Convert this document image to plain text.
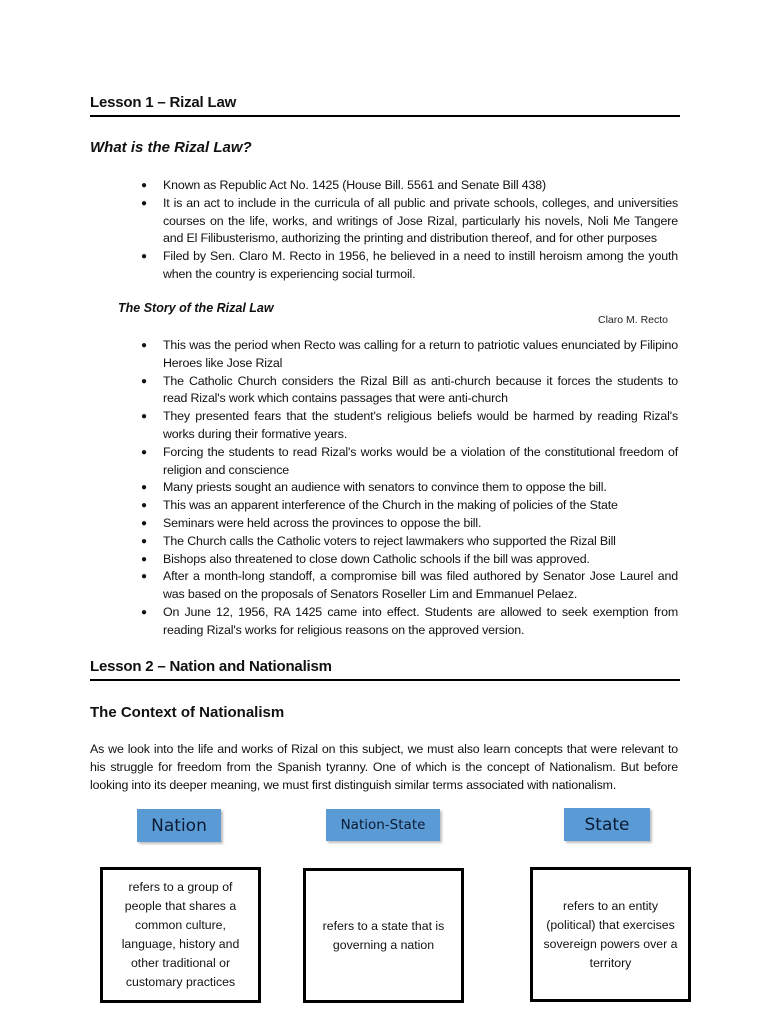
Lesson 1 – Rizal Law
What is the Rizal Law?
● Known as Republic Act No. 1425 (House Bill. 5561 and Senate Bill 438)
● It is an act to include in the curricula of all public and private schools, colleges, and universities courses on the life, works, and writings of Jose Rizal, particularly his novels, Noli Me Tangere and El Filibusterismo, authorizing the printing and distribution thereof, and for other purposes
● Filed by Sen. Claro M. Recto in 1956, he believed in a need to instill heroism among the youth when the country is experiencing social turmoil.
The Story of the Rizal Law
Claro M. Recto
● This was the period when Recto was calling for a return to patriotic values enunciated by Filipino Heroes like Jose Rizal
● The Catholic Church considers the Rizal Bill as anti-church because it forces the students to read Rizal's work which contains passages that were anti-church
● They presented fears that the student's religious beliefs would be harmed by reading Rizal's works during their formative years.
● Forcing the students to read Rizal's works would be a violation of the constitutional freedom of religion and conscience
● Many priests sought an audience with senators to convince them to oppose the bill.
● This was an apparent interference of the Church in the making of policies of the State
● Seminars were held across the provinces to oppose the bill.
● The Church calls the Catholic voters to reject lawmakers who supported the Rizal Bill
● Bishops also threatened to close down Catholic schools if the bill was approved.
● After a month-long standoff, a compromise bill was filed authored by Senator Jose Laurel and was based on the proposals of Senators Roseller Lim and Emmanuel Pelaez.
● On June 12, 1956, RA 1425 came into effect. Students are allowed to seek exemption from reading Rizal's works for religious reasons on the approved version.
Lesson 2 – Nation and Nationalism
The Context of Nationalism
As we look into the life and works of Rizal on this subject, we must also learn concepts that were relevant to his struggle for freedom from the Spanish tyranny. One of which is the concept of Nationalism. But before looking into its deeper meaning, we must first distinguish similar terms associated with nationalism.
Nation	Nation-State	State
refers to a group of people that shares a common culture, language, history and other traditional or customary practices
refers to a state that is governing a nation
refers to an entity (political) that exercises sovereign powers over a territory
